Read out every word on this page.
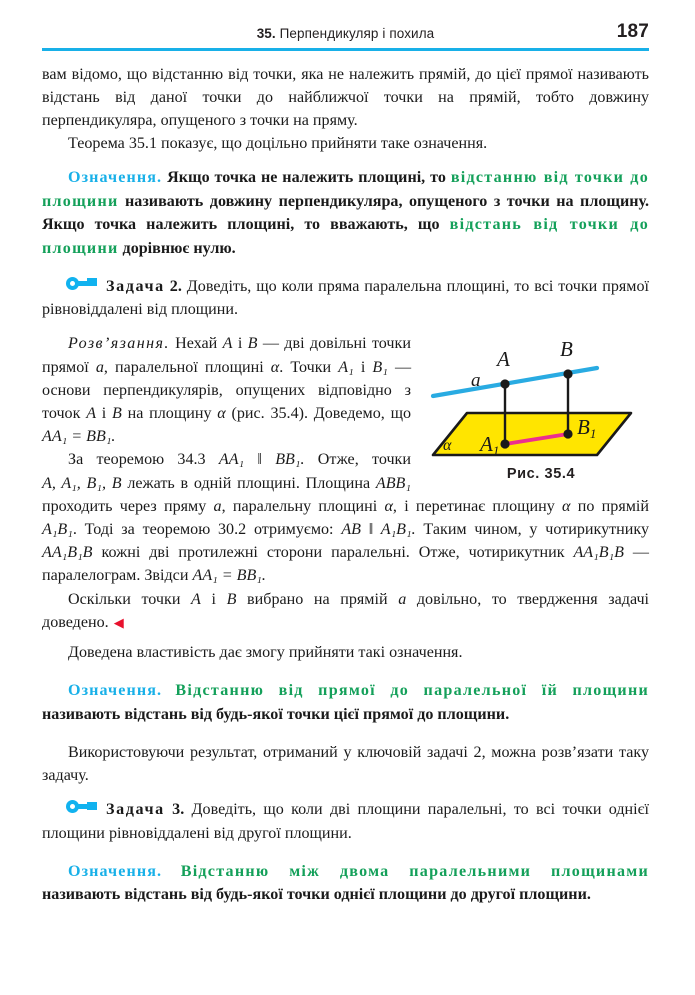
35. Перпендикуляр і похила	187

вам відомо, що відстанню від точки, яка не належить прямій, до цієї прямої називають відстань від даної точки до найближчої точки на прямій, тобто довжину перпендикуляра, опущеного з точки на пряму.

Теорема 35.1 показує, що доцільно прийняти таке означення.

Означення. Якщо точка не належить площині, то відстанню від точки до площини називають довжину перпендикуляра, опущеного з точки на площину. Якщо точка належить площині, то вважають, що відстань від точки до площини дорівнює нулю.
Задача 2. Доведіть, що коли пряма паралельна площині, то всі точки прямої рівновіддалені від площини.
a
A B
A1
B1
α
Рис. 35.4

Розв’язання. Нехай A і B — дві довільні точки прямої a, паралельної площині α. Точки A₁ і B₁ — основи перпендикулярів, опущених відповідно з точок A і B на площину α (рис. 35.4). Доведемо, що AA₁ = BB₁.

За теоремою 34.3 AA₁ ‖ BB₁. Отже, точки A, A₁, B₁, B лежать в одній площині. Площина ABB₁ проходить через пряму a, паралельну площині α, і перетинає площину α по прямій A₁B₁. Тоді за теоремою 30.2 отримуємо: AB ‖ A₁B₁. Таким чином, у чотирикутнику AA₁B₁B кожні дві протилежні сторони паралельні. Отже, чотирикутник AA₁B₁B — паралелограм. Звідси AA₁ = BB₁.

Оскільки точки A і B вибрано на прямій a довільно, то твердження задачі доведено. ◀

Доведена властивість дає змогу прийняти такі означення.

Означення. Відстанню від прямої до паралельної їй площини називають відстань від будь-якої точки цієї прямої до площини.

Використовуючи результат, отриманий у ключовій задачі 2, можна розв’язати таку задачу.

Задача 3. Доведіть, що коли дві площини паралельні, то всі точки однієї площини рівновіддалені від другої площини.
Означення. Відстанню між двома паралельними площинами називають відстань від будь-якої точки однієї площини до другої площини.
